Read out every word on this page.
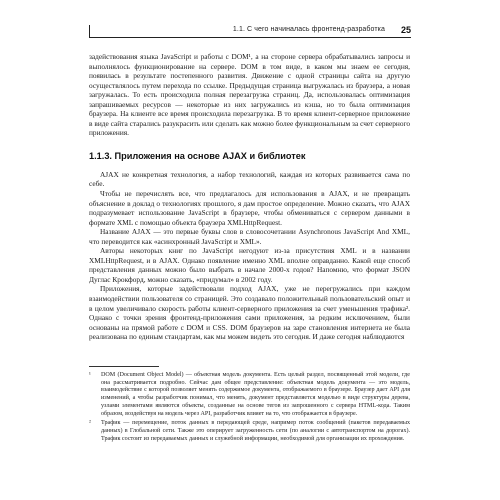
1.1. С чего начиналась фронтенд-разработка 25

задействования языка JavaScript и работы с DOM¹, а на стороне сервера обрабатывались запросы и выполнялось функционирование на сервере. DOM в том виде, в каком мы знаем ее сегодня, появилась в результате постепенного развития. Движение с одной страницы сайта на другую осуществлялось путем перехода по ссылке. Предыдущая страница выгружалась из браузера, а новая загружалась. То есть происходила полная перезагрузка страниц. Да, использовалась оптимизация запрашиваемых ресурсов — некоторые из них загружались из кэша, но то была оптимизация браузера. На клиенте все время происходила перезагрузка. В то время клиент-серверное приложение в виде сайта старались разукрасить или сделать как можно более функциональным за счет серверного приложения.

1.1.3. Приложения на основе AJAX и библиотек

AJAX не конкретная технология, а набор технологий, каждая из которых развивается сама по себе.

Чтобы не перечислять все, что предлагалось для использования в AJAX, и не превращать объяснение в доклад о технологиях прошлого, я дам простое определение. Можно сказать, что AJAX подразумевает использование JavaScript в браузере, чтобы обмениваться с сервером данными в формате XML с помощью объекта браузера XMLHttpRequest.

Название AJAX — это первые буквы слов в словосочетании Asynchronous JavaScript And XML, что переводится как «асинхронный JavaScript и XML».

Авторы некоторых книг по JavaScript негодуют из-за присутствия XML и в названии XMLHttpRequest, и в AJAX. Однако появление именно XML вполне оправданно. Какой еще способ представления данных можно было выбрать в начале 2000-х годов? Напомню, что формат JSON Дуглас Крокфорд, можно сказать, «придумал» в 2002 году.

Приложения, которые задействовали подход AJAX, уже не перегружались при каждом взаимодействии пользователя со страницей. Это создавало положительный пользовательский опыт и в целом увеличивало скорость работы клиент-серверного приложения за счет уменьшения трафика². Однако с точки зрения фронтенд-приложения сами приложения, за редким исключением, были основаны на прямой работе с DOM и CSS. DOM браузеров на заре становления интернета не была реализована по единым стандартам, как мы можем видеть это сегодня. И даже сегодня наблюдаются

¹ DOM (Document Object Model) — объектная модель документа. Есть целый раздел, посвященный этой модели, где она рассматривается подробно. Сейчас дам общее представление: объектная модель документа — это модель, взаимодействие с которой позволяет менять содержимое документа, отображаемого в браузере. Браузер дает API для изменений, а чтобы разработчик понимал, что менять, документ представляется моделью в виде структуры дерева, узлами элементами являются объекты, созданные на основе тегов из запрошенного с сервера HTML-кода. Таким образом, воздействуя на модель через API, разработчик влияет на то, что отображается в браузере.

² Трафик — перемещение, поток данных в передающей среде, например поток сообщений (пакетов передаваемых данных) в Глобальной сети. Также это оперирует загруженность сети (по аналогии с автотранспортом на дорогах). Трафик состоит из передаваемых данных и служебной информации, необходимой для организации их прохождения.
